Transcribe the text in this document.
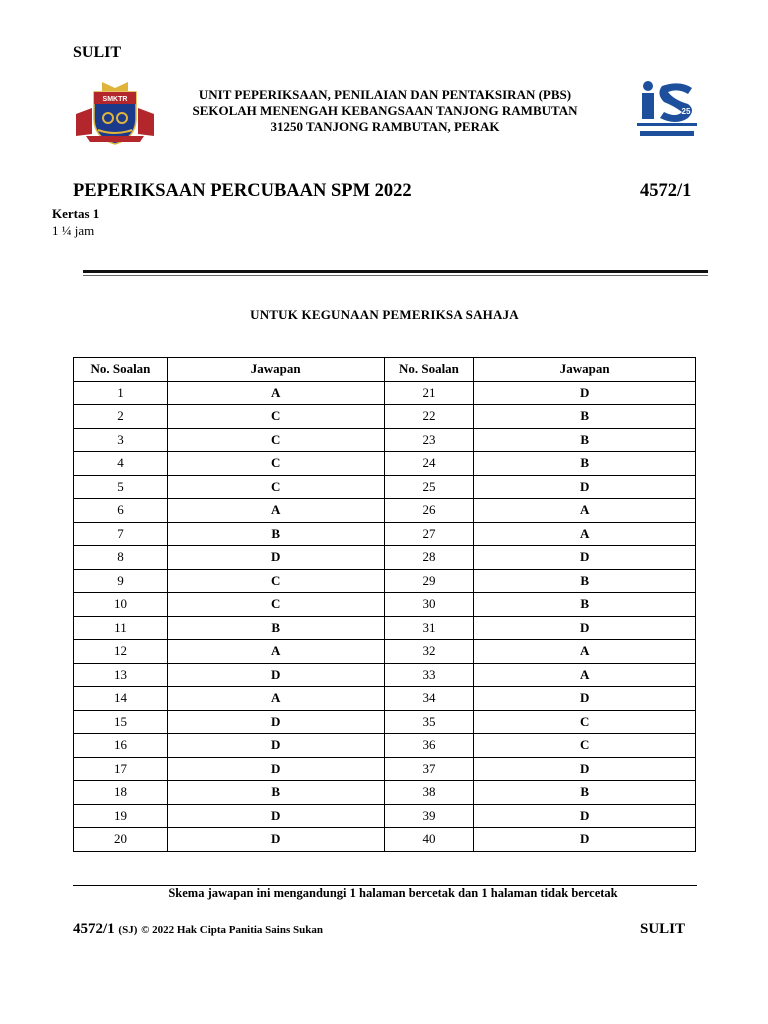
SULIT
SMKTR	UNIT PEPERIKSAAN, PENILAIAN DAN PENTAKSIRAN (PBS)
SEKOLAH MENENGAH KEBANGSAAN TANJONG RAMBUTAN
31250 TANJONG RAMBUTAN, PERAK
25
PEPERIKSAAN PERCUBAAN SPM 2022	4572/1
Kertas 1
1 ¼ jam
UNTUK KEGUNAAN PEMERIKSA SAHAJA
No. Soalan	Jawapan	No. Soalan	Jawapan
1	A	21	D
2	C	22	B
3	C	23	B
4	C	24	B
5	C	25	D
6	A	26	A
7	B	27	A
8	D	28	D
9	C	29	B
10	C	30	B
11	B	31	D
12	A	32	A
13	D	33	A
14	A	34	D
15	D	35	C
16	D	36	C
17	D	37	D
18	B	38	B
19	D	39	D
20	D	40	D
Skema jawapan ini mengandungi 1 halaman bercetak dan 1 halaman tidak bercetak
4572/1 (SJ) © 2022 Hak Cipta Panitia Sains Sukan	SULIT
